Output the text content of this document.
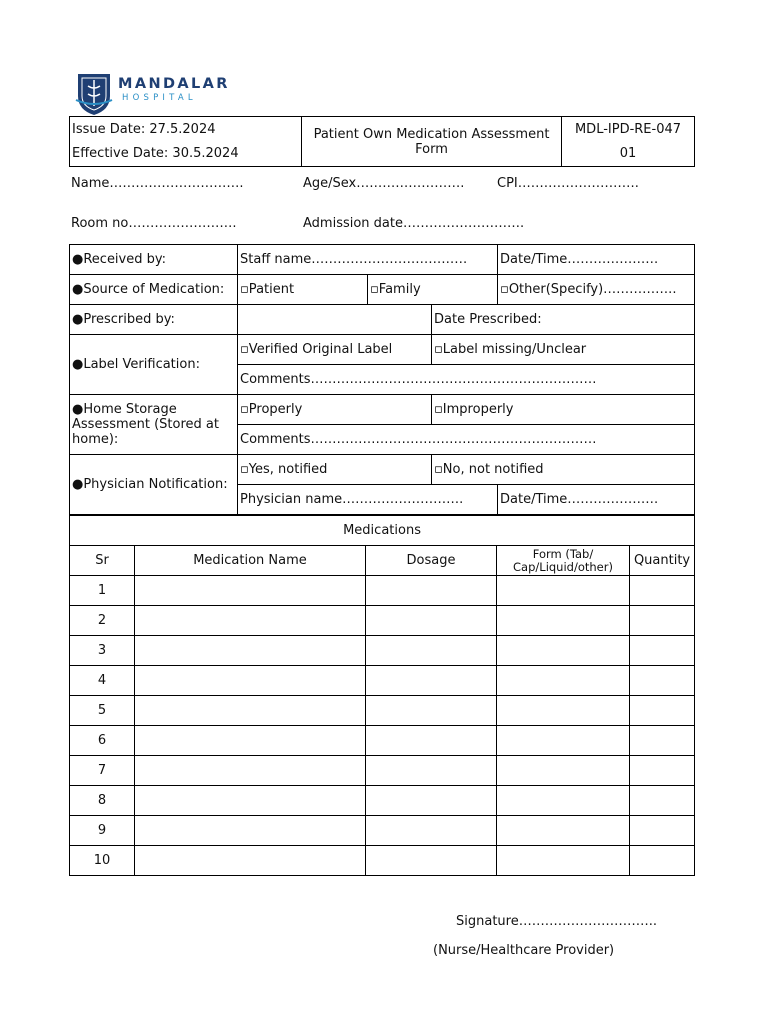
MANDALAR
HOSPITAL
Issue Date: 27.5.2024
Effective Date: 30.5.2024
	Patient Own Medication Assessment Form	
MDL-IPD-RE-047
01
Name………………………….	Age/Sex…………………….	CPI……………………….
Room no…………………….	Admission date……………………….
●Received by:	Staff name………………………………			Date/Time…………………
●Source of Medication:	▫Patient	▫Family		▫Other(Specify)……………..
●Prescribed by:			Date Prescribed:	
●Label Verification:	▫Verified Original Label		▫Label missing/Unclear	
	Comments…………………………………………………………			
●Home Storage Assessment (Stored at home):	▫Properly		▫Improperly	
	Comments…………………………………………………………			
●Physician Notification:	▫Yes, notified		▫No, not notified	
	Physician name……………………….			Date/Time…………………
Medications				
Sr	Medication Name	Dosage	Form (Tab/ Cap/Liquid/other)	Quantity
1				
2				
3				
4				
5				
6				
7				
8				
9				
10				
Signature…………………………..
(Nurse/Healthcare Provider)
